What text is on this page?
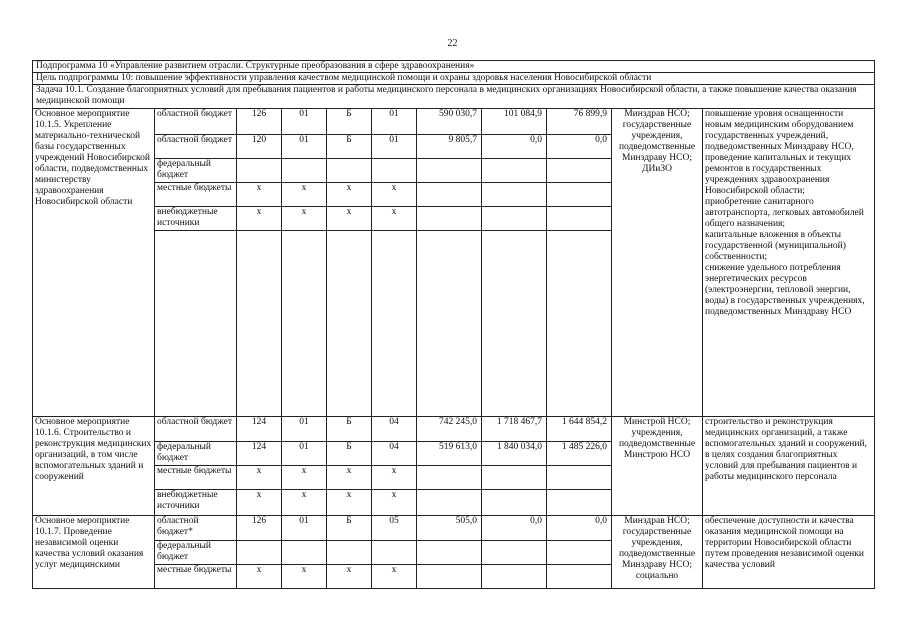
22
Подпрограмма 10 «Управление развитием отрасли. Структурные преобразования в сфере здравоохранения»										
Цель подпрограммы 10: повышение эффективности управления качеством медицинской помощи и охраны здоровья населения Новосибирской области										
Задача 10.1. Создание благоприятных условий для пребывания пациентов и работы медицинского персонала в медицинских организациях Новосибирской области, а также повышение качества оказания медицинской помощи										
Основное мероприятие 10.1.5. Укрепление материально-технической базы государственных учреждений Новосибирской области, подведомственных министерству здравоохранения Новосибирской области	областной бюджет	126	01	Б	01	590 030,7	101 084,9	76 899,9	Минздрав НСО; государственные учреждения, подведомственные Минздраву НСО; ДИиЗО	повышение уровня оснащенности новым медицинским оборудованием государственных учреждений, подведомственных Минздраву НСО, проведение капитальных и текущих ремонтов в государственных учреждениях здравоохранения Новосибирской области;
приобретение санитарного автотранспорта, легковых автомобилей общего назначения;
капитальные вложения в объекты государственной (муниципальной) собственности;
снижение удельного потребления энергетических ресурсов (электроэнергии, тепловой энергии, воды) в государственных учреждениях, подведомственных Минздраву НСО
	областной бюджет	120	01	Б	01	9 805,7	0,0	0,0		
	федеральный бюджет									
	местные бюджеты	х	х	х	х					
	внебюджетные источники	х	х	х	х					

Основное мероприятие 10.1.6. Строительство и реконструкция медицинских организаций, в том числе вспомогательных зданий и сооружений	областной бюджет	124	01	Б	04	742 245,0	1 718 467,7	1 644 854,2	Минстрой НСО; учреждения, подведомственные Минстрою НСО	строительство и реконструкция медицинских организаций, а также вспомогательных зданий и сооружений, в целях создания благоприятных условий для пребывания пациентов и работы медицинского персонала
	федеральный бюджет	124	01	Б	04	519 613,0	1 840 034,0	1 485 226,0		
	местные бюджеты	х	х	х	х					
	внебюджетные источники	х	х	х	х					
Основное мероприятие 10.1.7. Проведение независимой оценки качества условий оказания услуг медицинскими	областной бюджет*	126	01	Б	05	505,0	0,0	0,0	Минздрав НСО; государственные учреждения, подведомственные Минздраву НСО; социально	обеспечение доступности и качества оказания медицинской помощи на территории Новосибирской области путем проведения независимой оценки качества условий
	федеральный бюджет									
	местные бюджеты	х	х	х	х					
